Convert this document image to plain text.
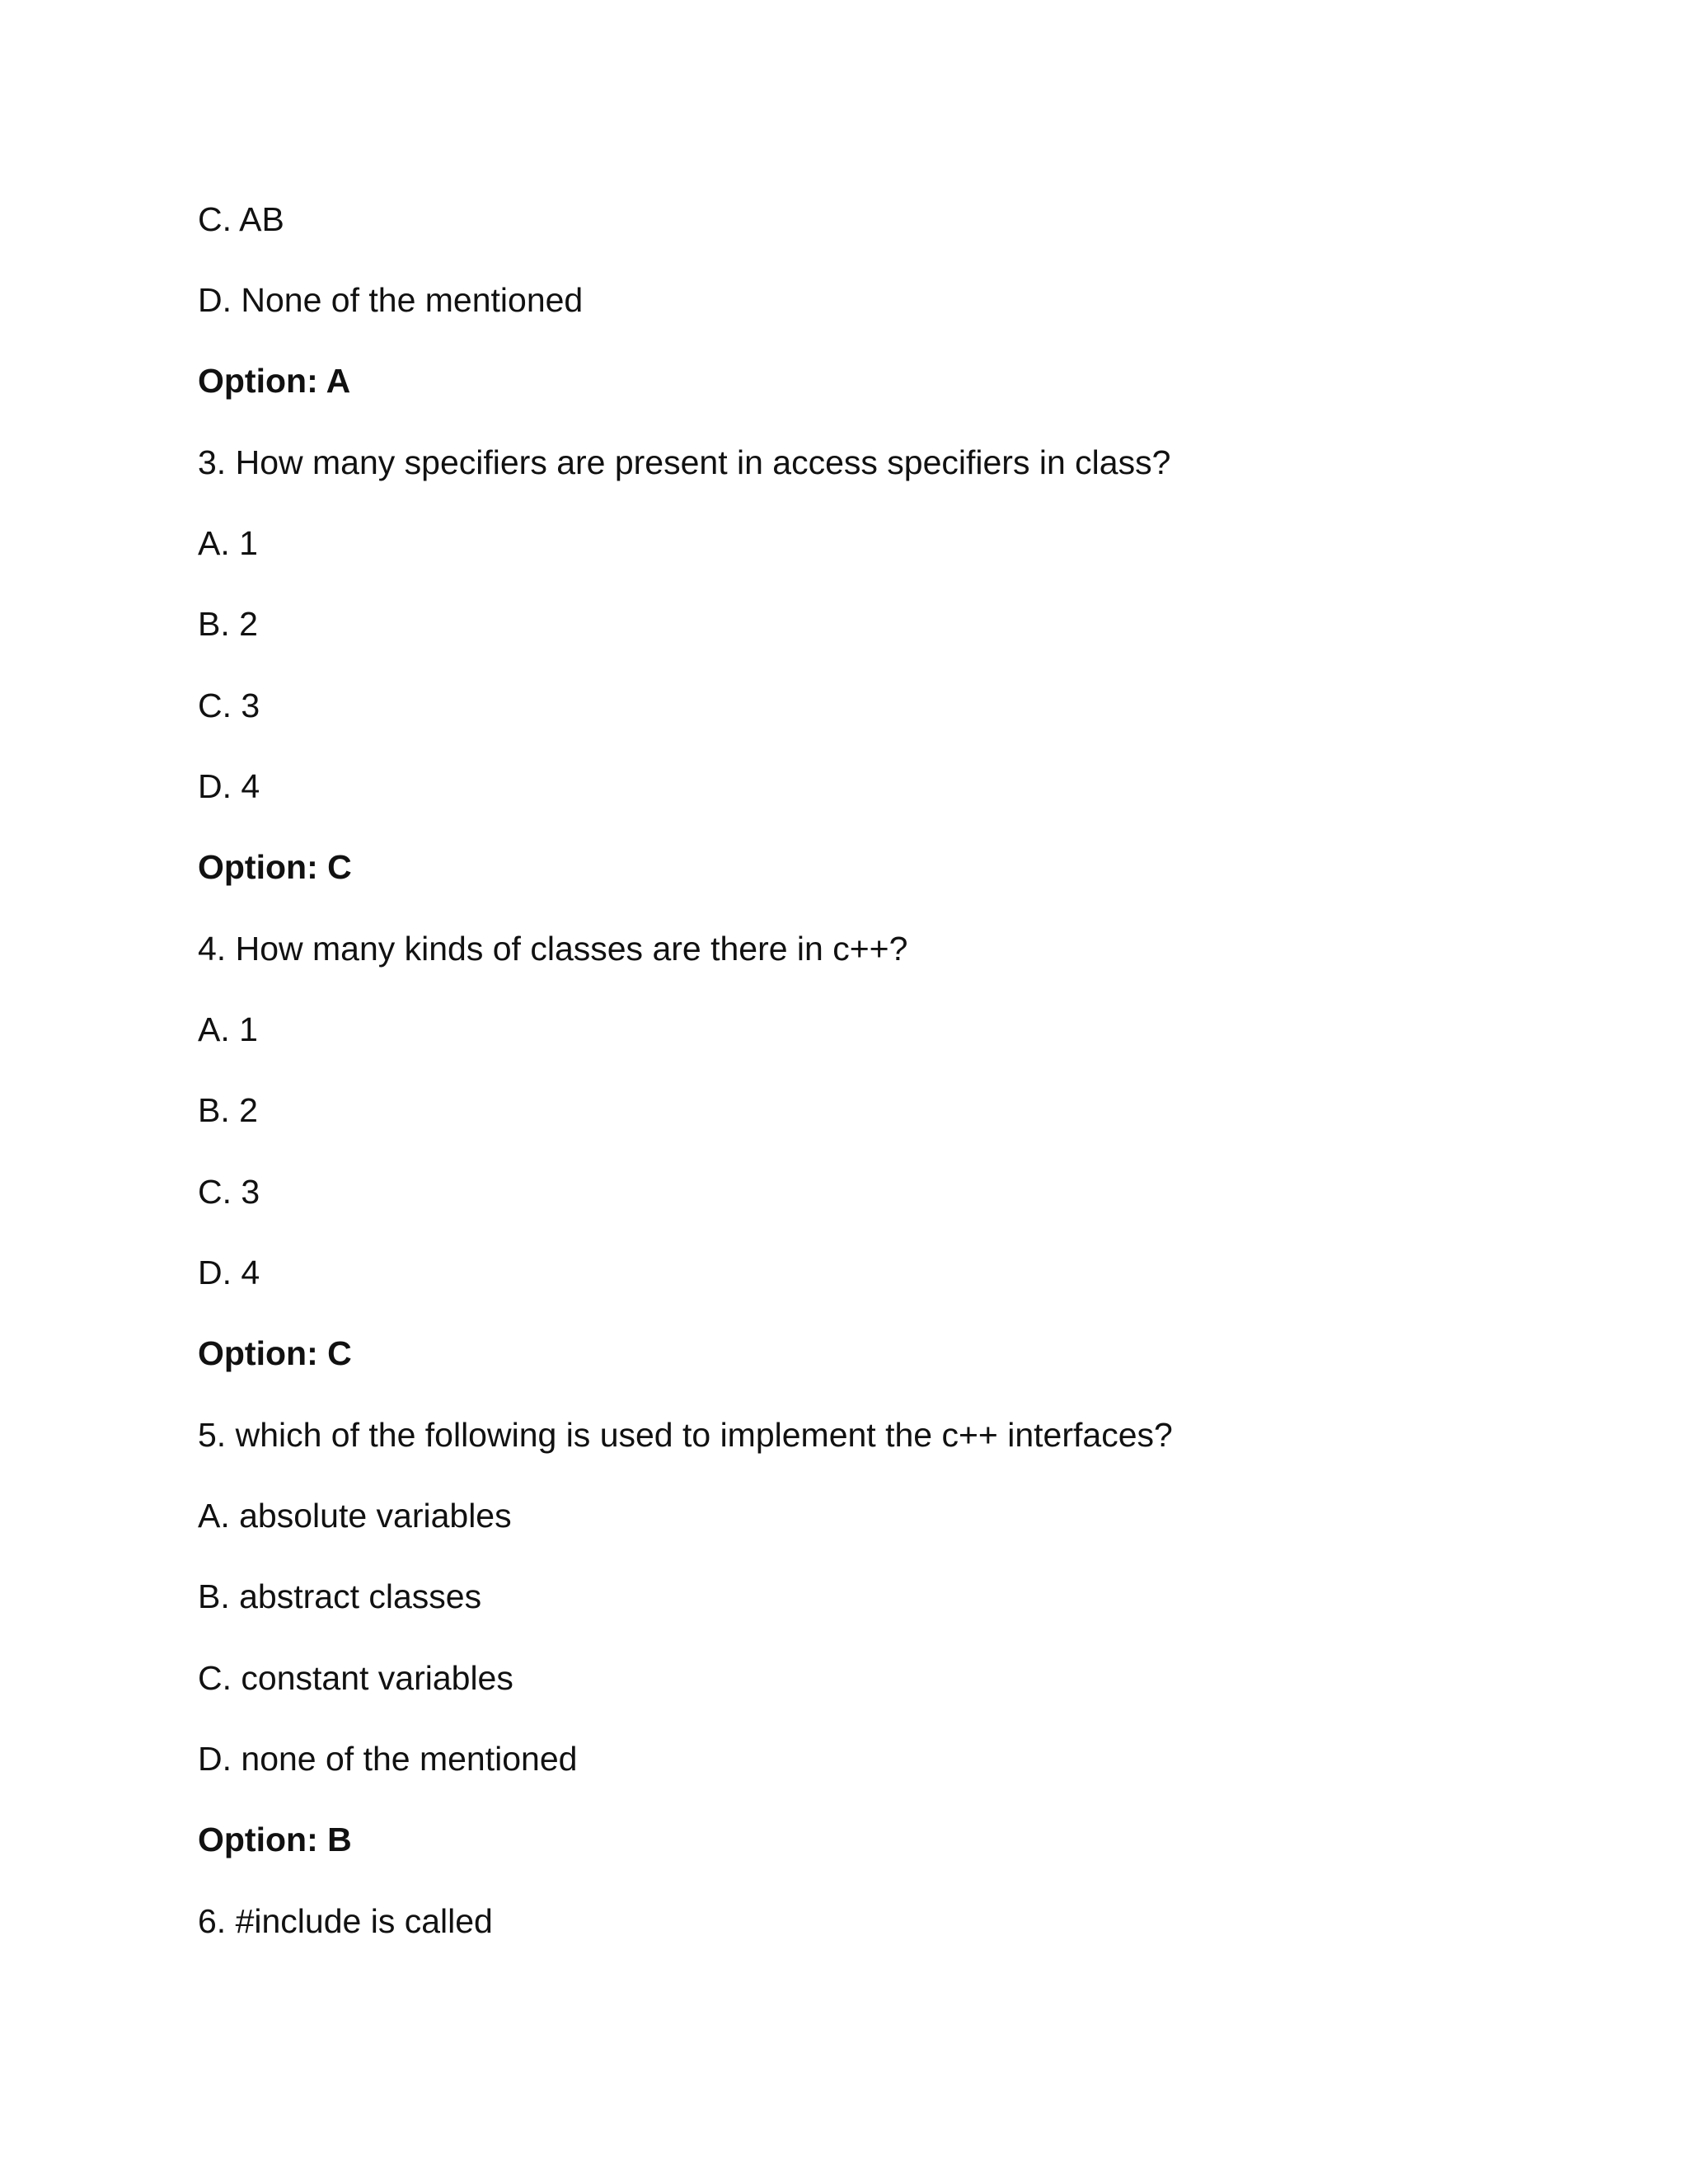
C. AB
D. None of the mentioned
Option: A
3. How many specifiers are present in access specifiers in class?
A. 1
B. 2
C. 3
D. 4
Option: C
4. How many kinds of classes are there in c++?
A. 1
B. 2
C. 3
D. 4
Option: C
5. which of the following is used to implement the c++ interfaces?
A. absolute variables
B. abstract classes
C. constant variables
D. none of the mentioned
Option: B
6. #include is called
